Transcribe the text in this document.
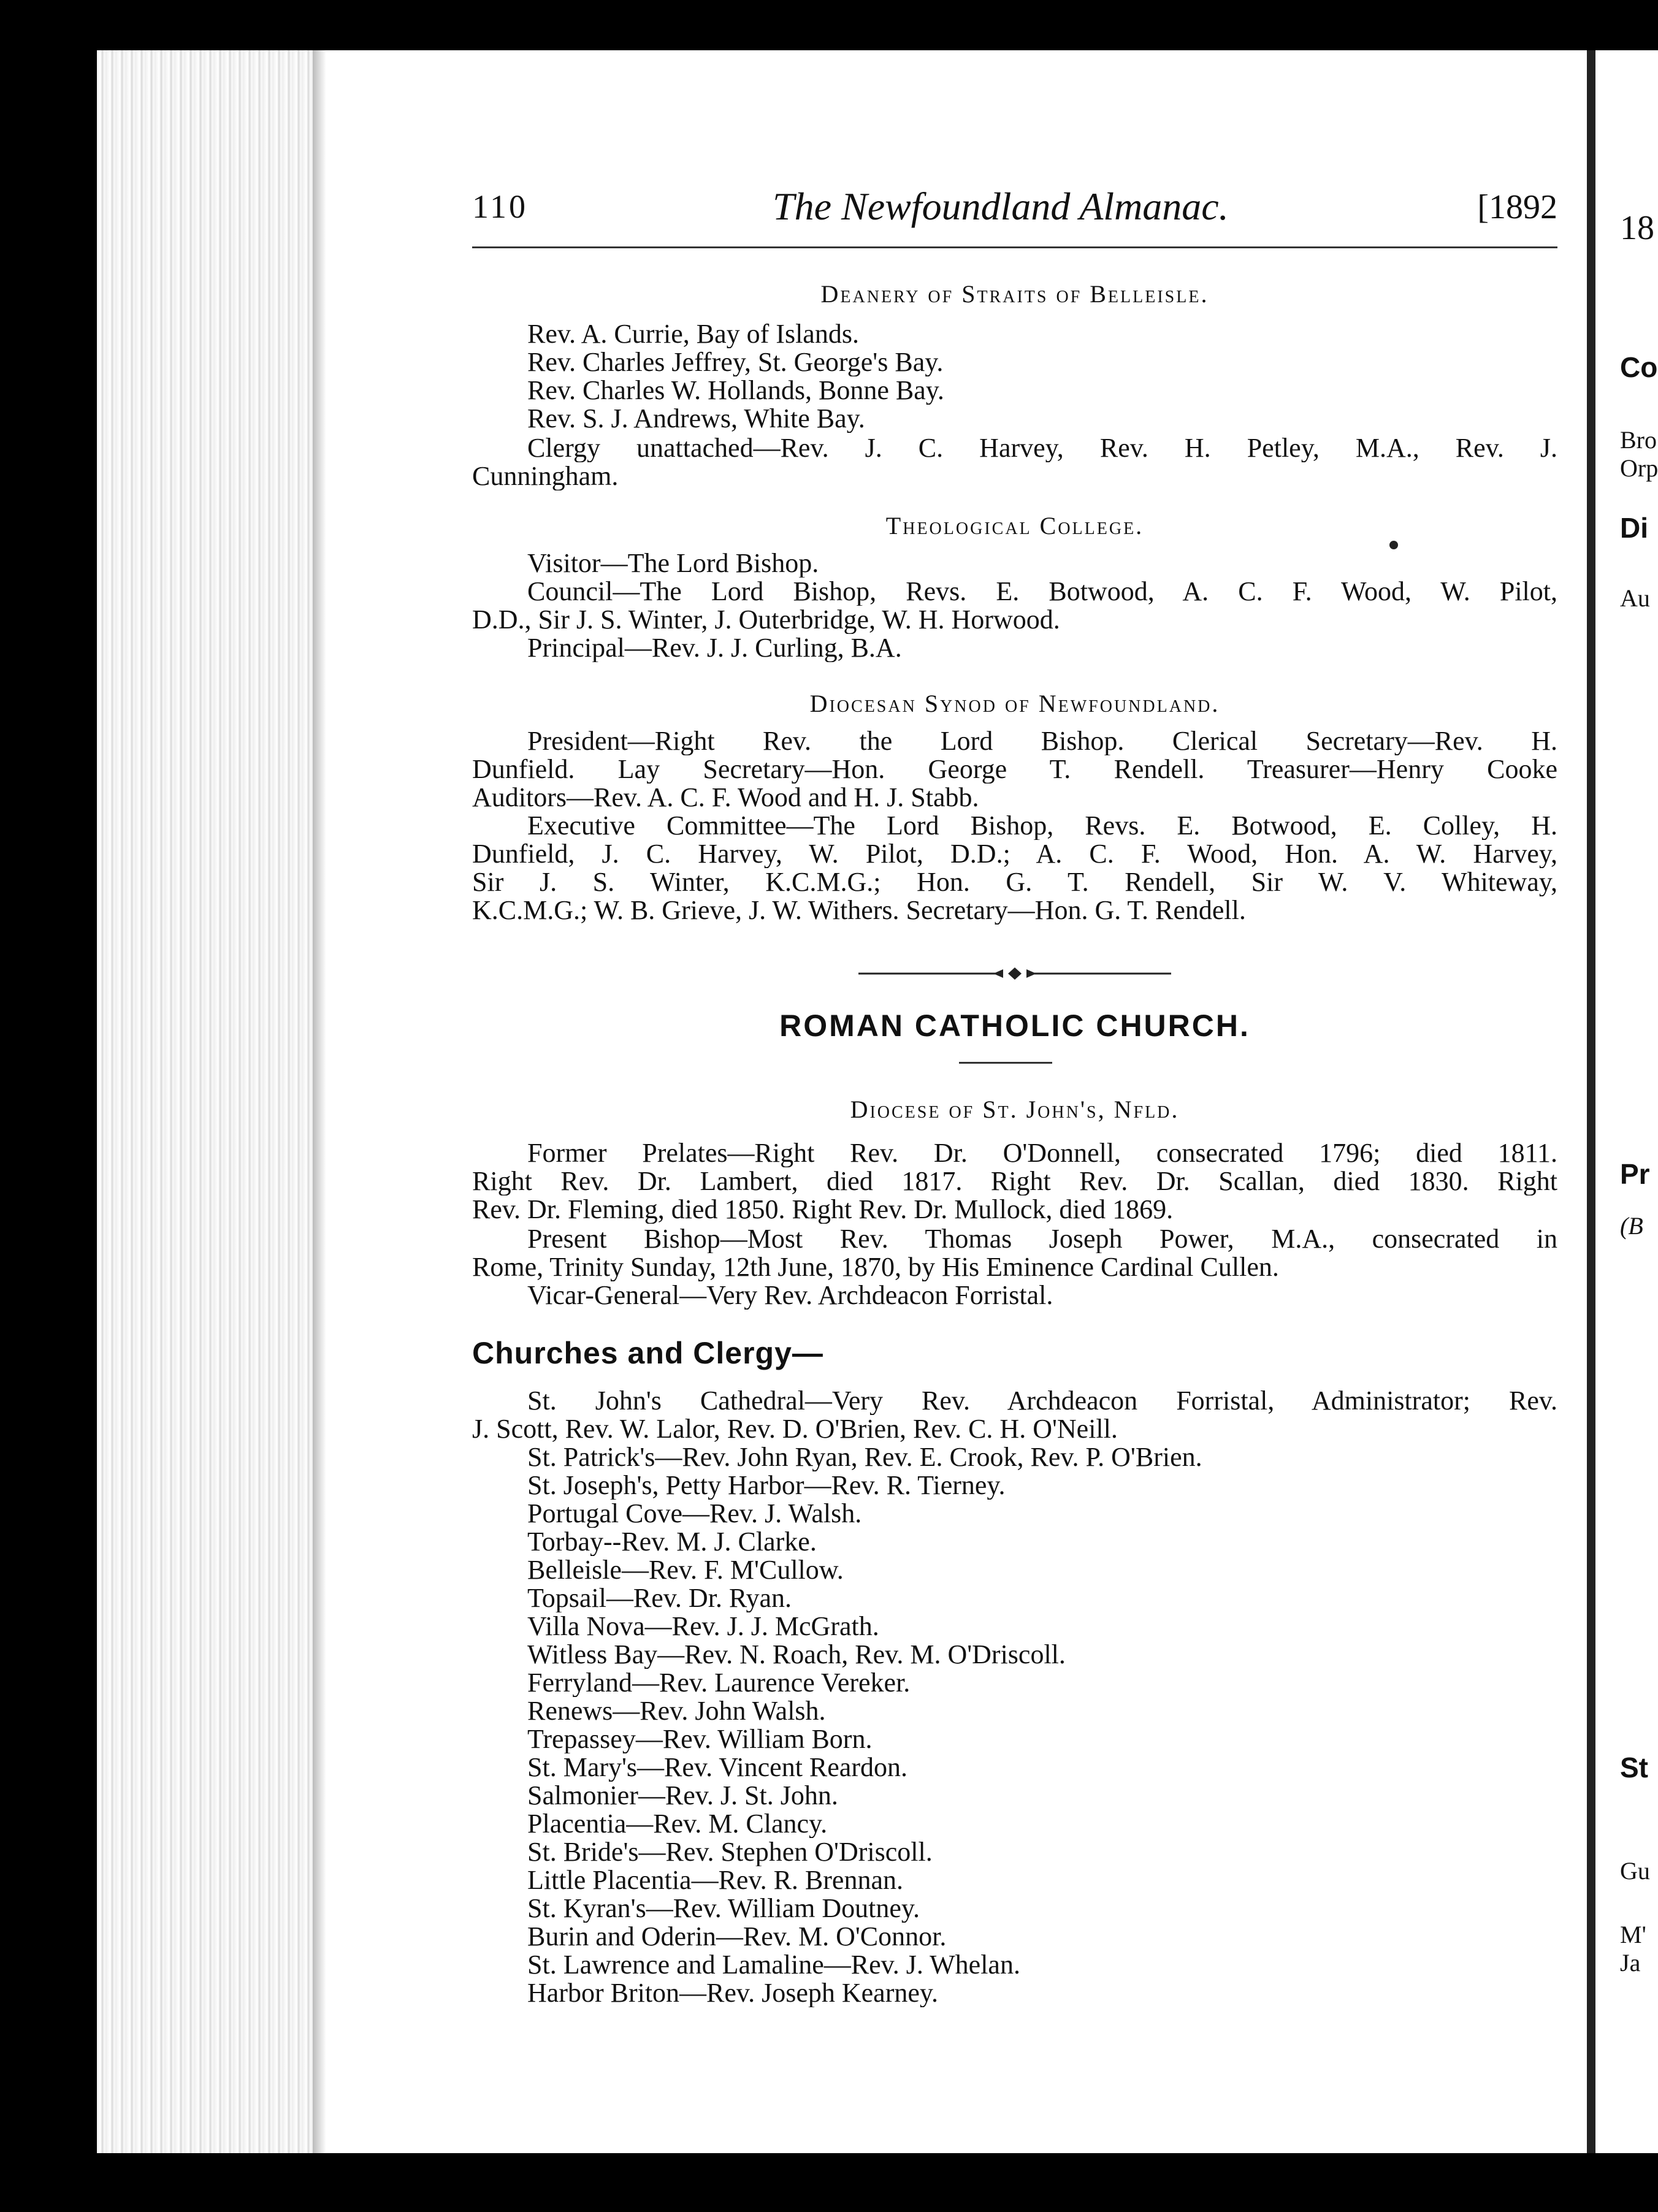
18
Co
Bro
Orp
Di
Au
Pr
(B
St
Gu
M'
Ja
110	The Newfoundland Almanac.	[1892
Deanery of Straits of Belleisle.
Rev. A. Currie, Bay of Islands.
Rev. Charles Jeffrey, St. George's Bay.
Rev. Charles W. Hollands, Bonne Bay.
Rev. S. J. Andrews, White Bay.
Clergy unattached—Rev. J. C. Harvey, Rev. H. Petley, M.A., Rev. J.
Cunningham.
Theological College.
Visitor—The Lord Bishop.
Council—The Lord Bishop, Revs. E. Botwood, A. C. F. Wood, W. Pilot,
D.D., Sir J. S. Winter, J. Outerbridge, W. H. Horwood.
Principal—Rev. J. J. Curling, B.A.
Diocesan Synod of Newfoundland.
President—Right Rev. the Lord Bishop. Clerical Secretary—Rev. H.
Dunfield. Lay Secretary—Hon. George T. Rendell. Treasurer—Henry Cooke
Auditors—Rev. A. C. F. Wood and H. J. Stabb.
Executive Committee—The Lord Bishop, Revs. E. Botwood, E. Colley, H.
Dunfield, J. C. Harvey, W. Pilot, D.D.; A. C. F. Wood, Hon. A. W. Harvey,
Sir J. S. Winter, K.C.M.G.; Hon. G. T. Rendell, Sir W. V. Whiteway,
K.C.M.G.; W. B. Grieve, J. W. Withers. Secretary—Hon. G. T. Rendell.
ROMAN CATHOLIC CHURCH.
Diocese of St. John's, Nfld.
Former Prelates—Right Rev. Dr. O'Donnell, consecrated 1796; died 1811.
Right Rev. Dr. Lambert, died 1817. Right Rev. Dr. Scallan, died 1830. Right
Rev. Dr. Fleming, died 1850. Right Rev. Dr. Mullock, died 1869.
Present Bishop—Most Rev. Thomas Joseph Power, M.A., consecrated in
Rome, Trinity Sunday, 12th June, 1870, by His Eminence Cardinal Cullen.
Vicar-General—Very Rev. Archdeacon Forristal.
Churches and Clergy—
St. John's Cathedral—Very Rev. Archdeacon Forristal, Administrator; Rev.
J. Scott, Rev. W. Lalor, Rev. D. O'Brien, Rev. C. H. O'Neill.
St. Patrick's—Rev. John Ryan, Rev. E. Crook, Rev. P. O'Brien.
St. Joseph's, Petty Harbor—Rev. R. Tierney.
Portugal Cove—Rev. J. Walsh.
Torbay--Rev. M. J. Clarke.
Belleisle—Rev. F. M'Cullow.
Topsail—Rev. Dr. Ryan.
Villa Nova—Rev. J. J. McGrath.
Witless Bay—Rev. N. Roach, Rev. M. O'Driscoll.
Ferryland—Rev. Laurence Vereker.
Renews—Rev. John Walsh.
Trepassey—Rev. William Born.
St. Mary's—Rev. Vincent Reardon.
Salmonier—Rev. J. St. John.
Placentia—Rev. M. Clancy.
St. Bride's—Rev. Stephen O'Driscoll.
Little Placentia—Rev. R. Brennan.
St. Kyran's—Rev. William Doutney.
Burin and Oderin—Rev. M. O'Connor.
St. Lawrence and Lamaline—Rev. J. Whelan.
Harbor Briton—Rev. Joseph Kearney.
